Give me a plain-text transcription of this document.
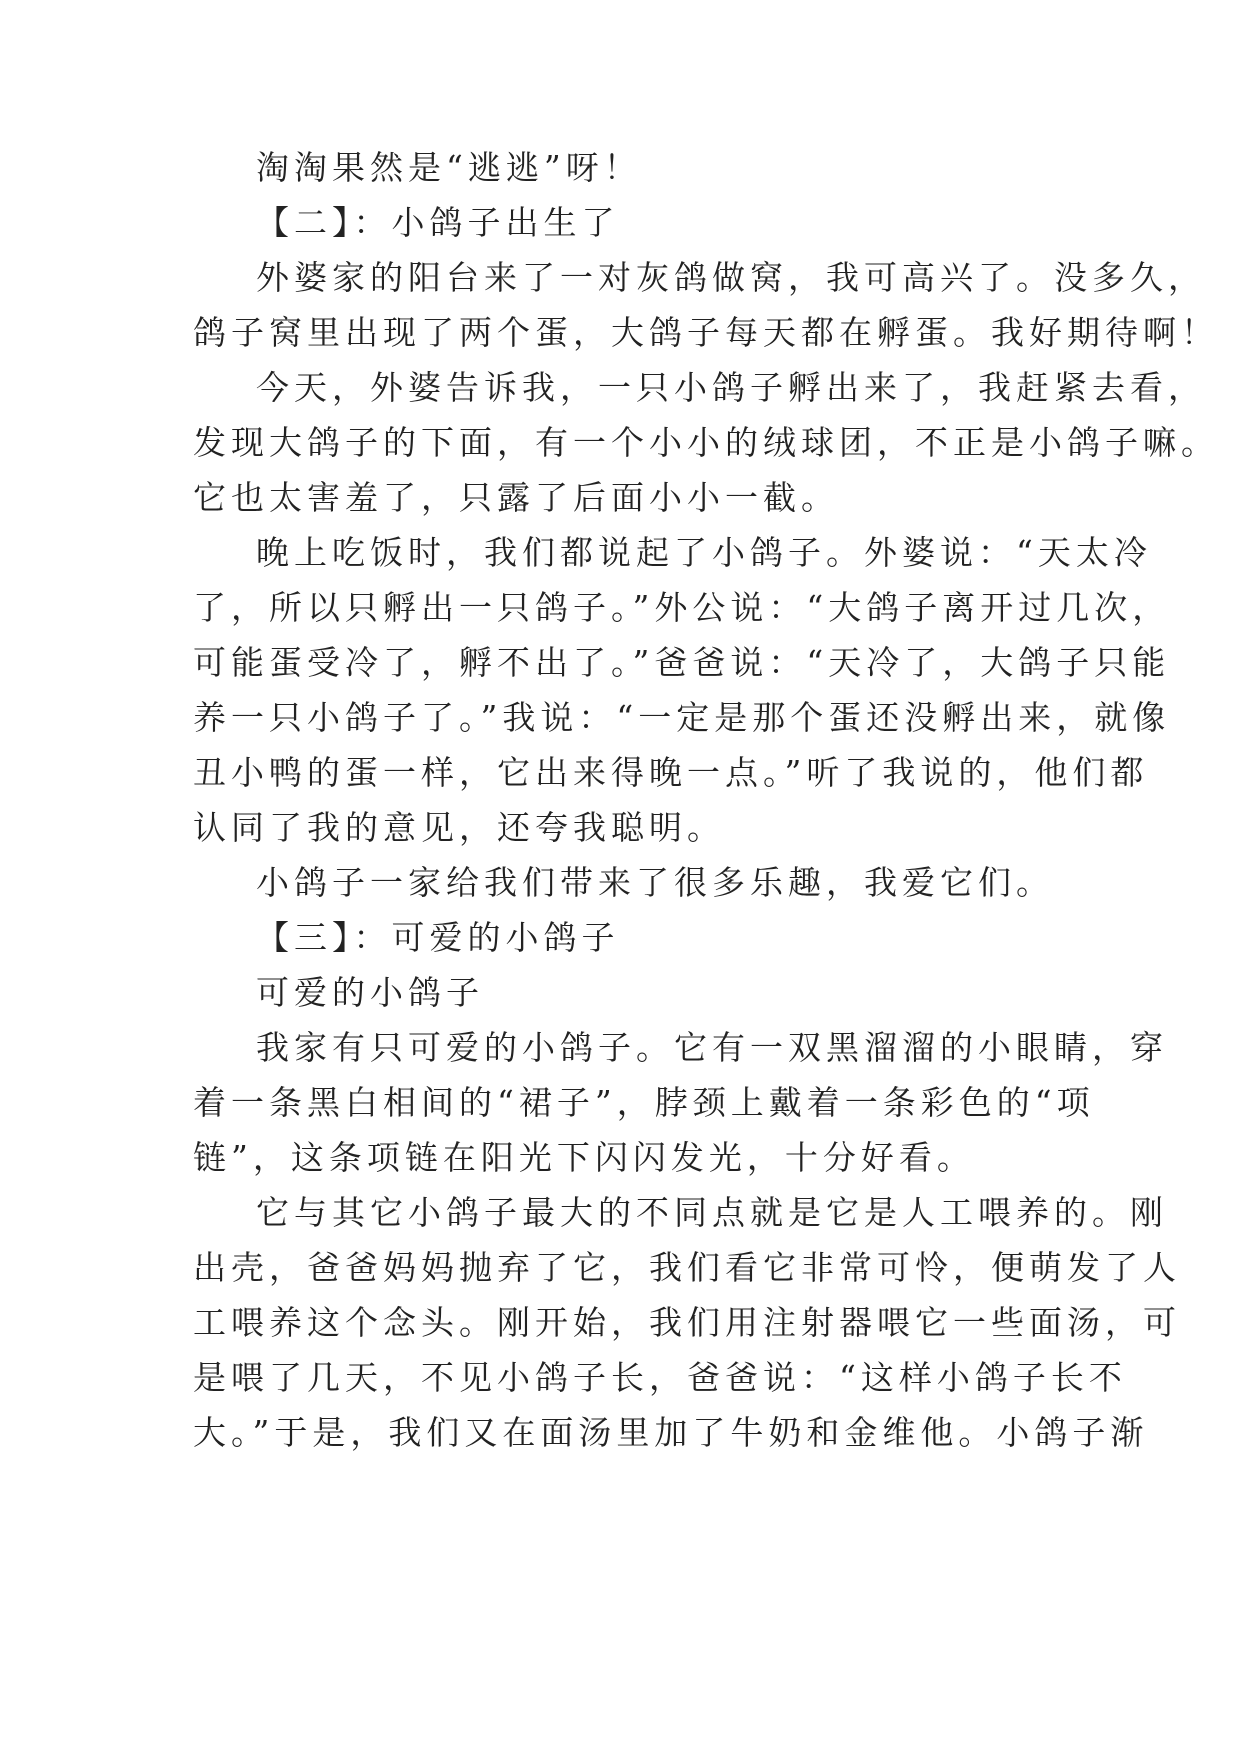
淘淘果然是“逃逃”呀！
【二】：小鸽子出生了
外婆家的阳台来了一对灰鸽做窝，我可高兴了。没多久，
鸽子窝里出现了两个蛋，大鸽子每天都在孵蛋。我好期待啊！
今天，外婆告诉我，一只小鸽子孵出来了，我赶紧去看，
发现大鸽子的下面，有一个小小的绒球团，不正是小鸽子嘛。
它也太害羞了，只露了后面小小一截。
晚上吃饭时，我们都说起了小鸽子。外婆说：“天太冷
了，所以只孵出一只鸽子。”外公说：“大鸽子离开过几次，
可能蛋受冷了，孵不出了。”爸爸说：“天冷了，大鸽子只能
养一只小鸽子了。”我说：“一定是那个蛋还没孵出来，就像
丑小鸭的蛋一样，它出来得晚一点。”听了我说的，他们都
认同了我的意见，还夸我聪明。
小鸽子一家给我们带来了很多乐趣，我爱它们。
【三】：可爱的小鸽子
可爱的小鸽子
我家有只可爱的小鸽子。它有一双黑溜溜的小眼睛，穿
着一条黑白相间的“裙子”，脖颈上戴着一条彩色的“项
链”，这条项链在阳光下闪闪发光，十分好看。
它与其它小鸽子最大的不同点就是它是人工喂养的。刚
出壳，爸爸妈妈抛弃了它，我们看它非常可怜，便萌发了人
工喂养这个念头。刚开始，我们用注射器喂它一些面汤，可
是喂了几天，不见小鸽子长，爸爸说：“这样小鸽子长不
大。”于是，我们又在面汤里加了牛奶和金维他。小鸽子渐
